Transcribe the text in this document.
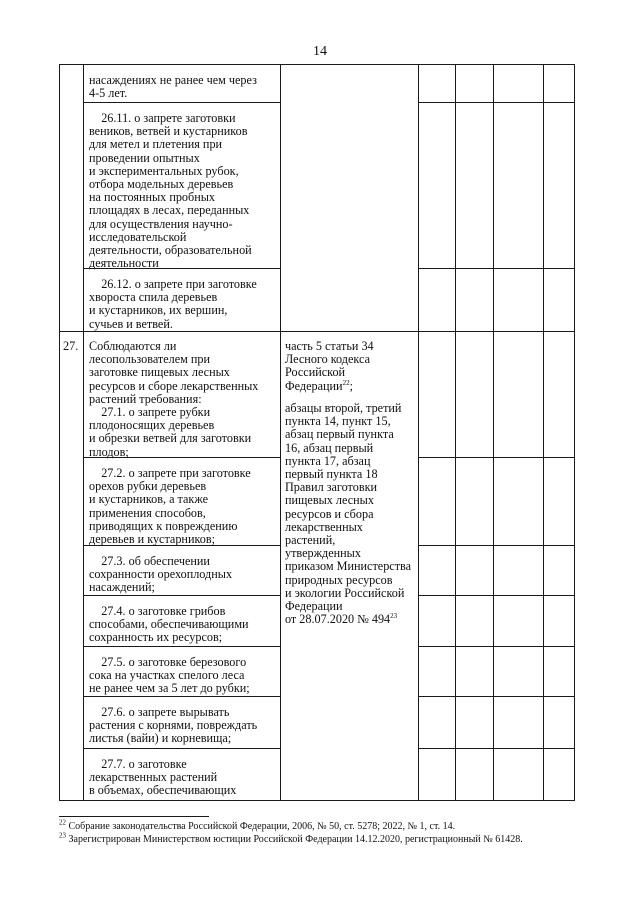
14
насаждениях не ранее чем через
4-5 лет.
26.11. о запрете заготовки
веников, ветвей и кустарников
для метел и плетения при
проведении опытных
и экспериментальных рубок,
отбора модельных деревьев
на постоянных пробных
площадях в лесах, переданных
для осуществления научно-
исследовательской
деятельности, образовательной
деятельности
26.12. о запрете при заготовке
хвороста спила деревьев
и кустарников, их вершин,
сучьев и ветвей.
27. Соблюдаются ли
лесопользователем при
заготовке пищевых лесных
ресурсов и сборе лекарственных
растений требования:
27.1. о запрете рубки
плодоносящих деревьев
и обрезки ветвей для заготовки
плодов;
27.2. о запрете при заготовке
орехов рубки деревьев
и кустарников, а также
применения способов,
приводящих к повреждению
деревьев и кустарников;
27.3. об обеспечении
сохранности орехоплодных
насаждений;
27.4. о заготовке грибов
способами, обеспечивающими
сохранность их ресурсов;
27.5. о заготовке березового
сока на участках спелого леса
не ранее чем за 5 лет до рубки;
27.6. о запрете вырывать
растения с корнями, повреждать
листья (вайи) и корневища;
27.7. о заготовке
лекарственных растений
в объемах, обеспечивающих
часть 5 статьи 34
Лесного кодекса
Российской
Федерации$^{22}$;
абзацы второй, третий
пункта 14, пункт 15,
абзац первый пункта
16, абзац первый
пункта 17, абзац
первый пункта 18
Правил заготовки
пищевых лесных
ресурсов и сбора
лекарственных
растений,
утвержденных
приказом Министерства
природных ресурсов
и экологии Российской
Федерации
от 28.07.2020 № $494^{23}$
$^{22}$ Собрание законодательства Российской Федерации, 2006, № 50, ст. 5278; 2022, № 1, ст. 14.
$^{23}$ Зарегистрирован Министерством юстиции Российской Федерации 14.12.2020, регистрационный № 61428.
